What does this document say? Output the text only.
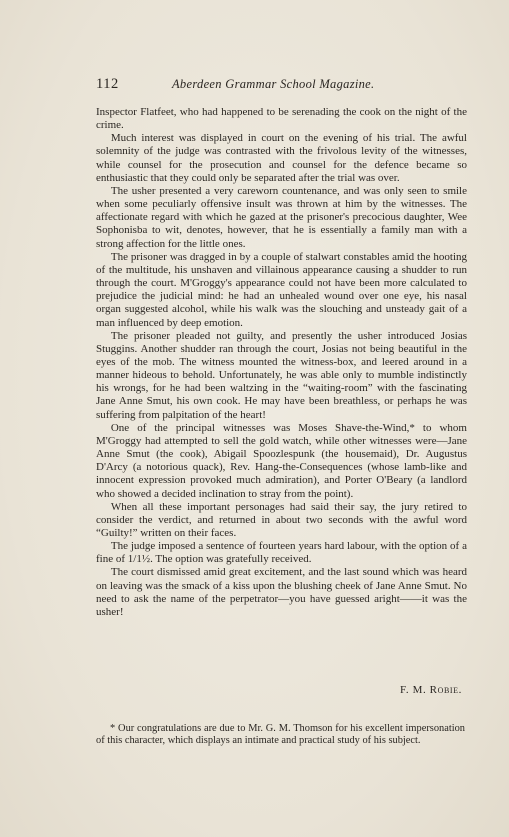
112	Aberdeen Grammar School Magazine.

Inspector Flatfeet, who had happened to be serenading the cook on the night of the crime.

Much interest was displayed in court on the evening of his trial. The awful solemnity of the judge was contrasted with the frivolous levity of the witnesses, while counsel for the prosecution and counsel for the defence became so enthusiastic that they could only be separated after the trial was over.

The usher presented a very careworn countenance, and was only seen to smile when some peculiarly offensive insult was thrown at him by the witnesses. The affectionate regard with which he gazed at the prisoner's precocious daughter, Wee Sophonisba to wit, denotes, however, that he is essentially a family man with a strong affection for the little ones.

The prisoner was dragged in by a couple of stalwart constables amid the hooting of the multitude, his unshaven and villainous appearance causing a shudder to run through the court. M'Groggy's appearance could not have been more calculated to prejudice the judicial mind: he had an unhealed wound over one eye, his nasal organ suggested alcohol, while his walk was the slouching and unsteady gait of a man influenced by deep emotion.

The prisoner pleaded not guilty, and presently the usher introduced Josias Stuggins. Another shudder ran through the court, Josias not being beautiful in the eyes of the mob. The witness mounted the witness-box, and leered around in a manner hideous to behold. Unfortunately, he was able only to mumble indistinctly his wrongs, for he had been waltzing in the “waiting-room” with the fascinating Jane Anne Smut, his own cook. He may have been breathless, or perhaps he was suffering from palpitation of the heart!

One of the principal witnesses was Moses Shave-the-Wind,* to whom M'Groggy had attempted to sell the gold watch, while other witnesses were—Jane Anne Smut (the cook), Abigail Spoozlespunk (the housemaid), Dr. Augustus D'Arcy (a notorious quack), Rev. Hang-the-Consequences (whose lamb-like and innocent expression provoked much admiration), and Porter O'Beary (a landlord who showed a decided inclination to stray from the point).

When all these important personages had said their say, the jury retired to consider the verdict, and returned in about two seconds with the awful word “Guilty!” written on their faces.

The judge imposed a sentence of fourteen years hard labour, with the option of a fine of 1/1½. The option was gratefully received.

The court dismissed amid great excitement, and the last sound which was heard on leaving was the smack of a kiss upon the blushing cheek of Jane Anne Smut. No need to ask the name of the perpetrator—you have guessed aright——it was the usher!

F. M. Robie.

* Our congratulations are due to Mr. G. M. Thomson for his excellent impersonation of this character, which displays an intimate and practical study of his subject.
